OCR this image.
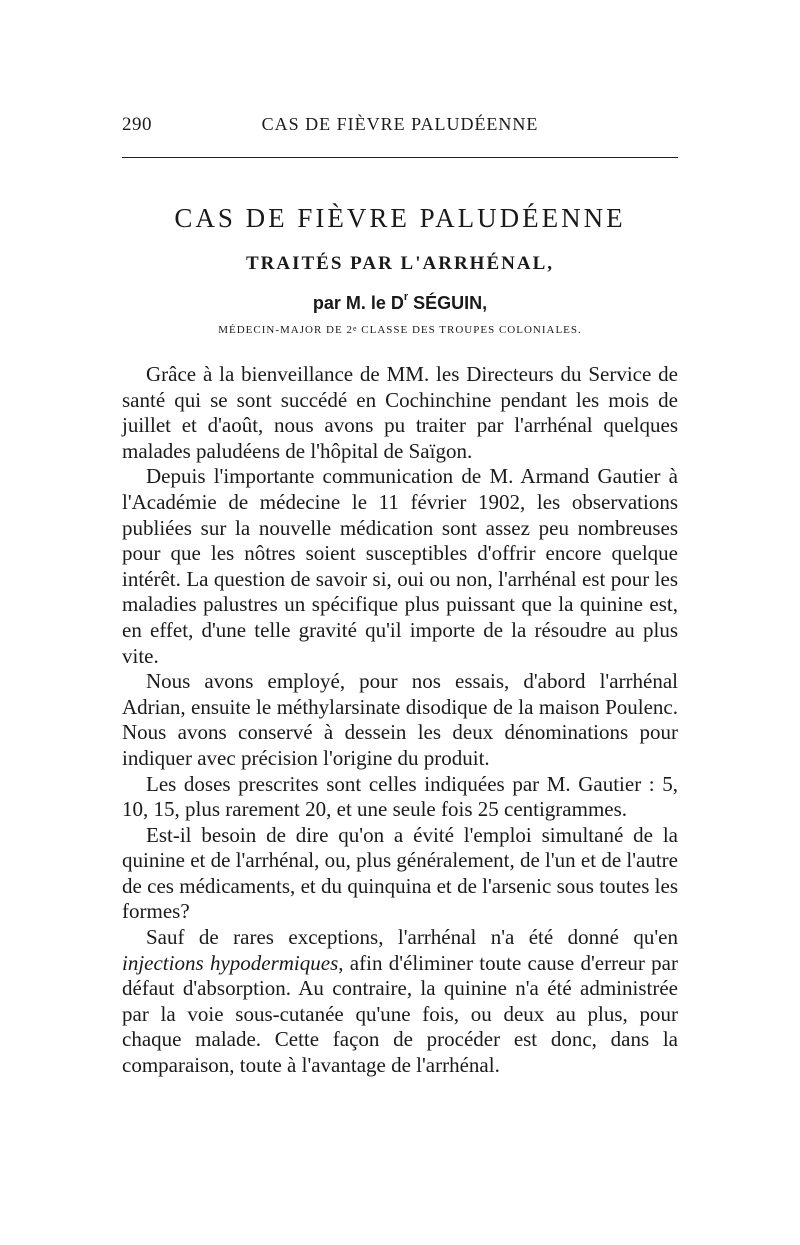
290	CAS DE FIÈVRE PALUDÉENNE
CAS DE FIÈVRE PALUDÉENNE
TRAITÉS PAR L'ARRHÉNAL,
par M. le $D^r$ SÉGUIN,
MÉDECIN-MAJOR DE 2e CLASSE DES TROUPES COLONIALES.

Grâce à la bienveillance de MM. les Directeurs du Service de santé qui se sont succédé en Cochinchine pendant les mois de juillet et d'août, nous avons pu traiter par l'arrhénal quelques malades paludéens de l'hôpital de Saïgon.

Depuis l'importante communication de M. Armand Gautier à l'Académie de médecine le 11 février 1902, les observations publiées sur la nouvelle médication sont assez peu nombreuses pour que les nôtres soient susceptibles d'offrir encore quelque intérêt. La question de savoir si, oui ou non, l'arrhénal est pour les maladies palustres un spécifique plus puissant que la quinine est, en effet, d'une telle gravité qu'il importe de la résoudre au plus vite.

Nous avons employé, pour nos essais, d'abord l'arrhénal Adrian, ensuite le méthylarsinate disodique de la maison Poulenc. Nous avons conservé à dessein les deux dénominations pour indiquer avec précision l'origine du produit.

Les doses prescrites sont celles indiquées par M. Gautier : 5, 10, 15, plus rarement 20, et une seule fois 25 centigrammes.

Est-il besoin de dire qu'on a évité l'emploi simultané de la quinine et de l'arrhénal, ou, plus généralement, de l'un et de l'autre de ces médicaments, et du quinquina et de l'arsenic sous toutes les formes?

Sauf de rares exceptions, l'arrhénal n'a été donné qu'en injections hypodermiques, afin d'éliminer toute cause d'erreur par défaut d'absorption. Au contraire, la quinine n'a été administrée par la voie sous-cutanée qu'une fois, ou deux au plus, pour chaque malade. Cette façon de procéder est donc, dans la comparaison, toute à l'avantage de l'arrhénal.
